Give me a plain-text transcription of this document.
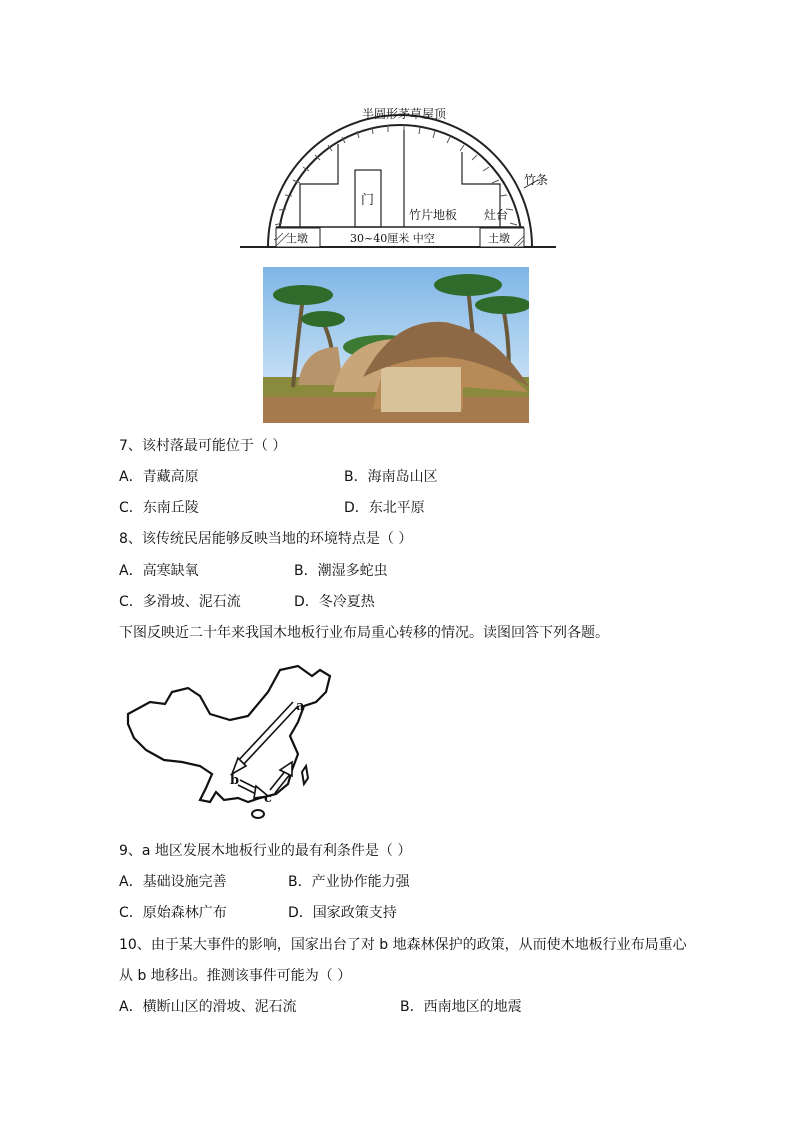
半圆形茅草屋顶
竹条
门
竹片地板 灶台
土墩	土墩
30~40厘米 中空
7、该村落最可能位于（ ）
A．青藏高原	B．海南岛山区
C．东南丘陵	D．东北平原
8、该传统民居能够反映当地的环境特点是（ ）
A．高寒缺氧	B．潮湿多蛇虫
C．多滑坡、泥石流	D．冬冷夏热
下图反映近二十年来我国木地板行业布局重心转移的情况。读图回答下列各题。
a
b
c
9、a 地区发展木地板行业的最有利条件是（ ）
A．基础设施完善	B．产业协作能力强
C．原始森林广布	D．国家政策支持
10、由于某大事件的影响，国家出台了对 b 地森林保护的政策，从而使木地板行业布局重心
从 b 地移出。推测该事件可能为（ ）
A．横断山区的滑坡、泥石流	B．西南地区的地震
